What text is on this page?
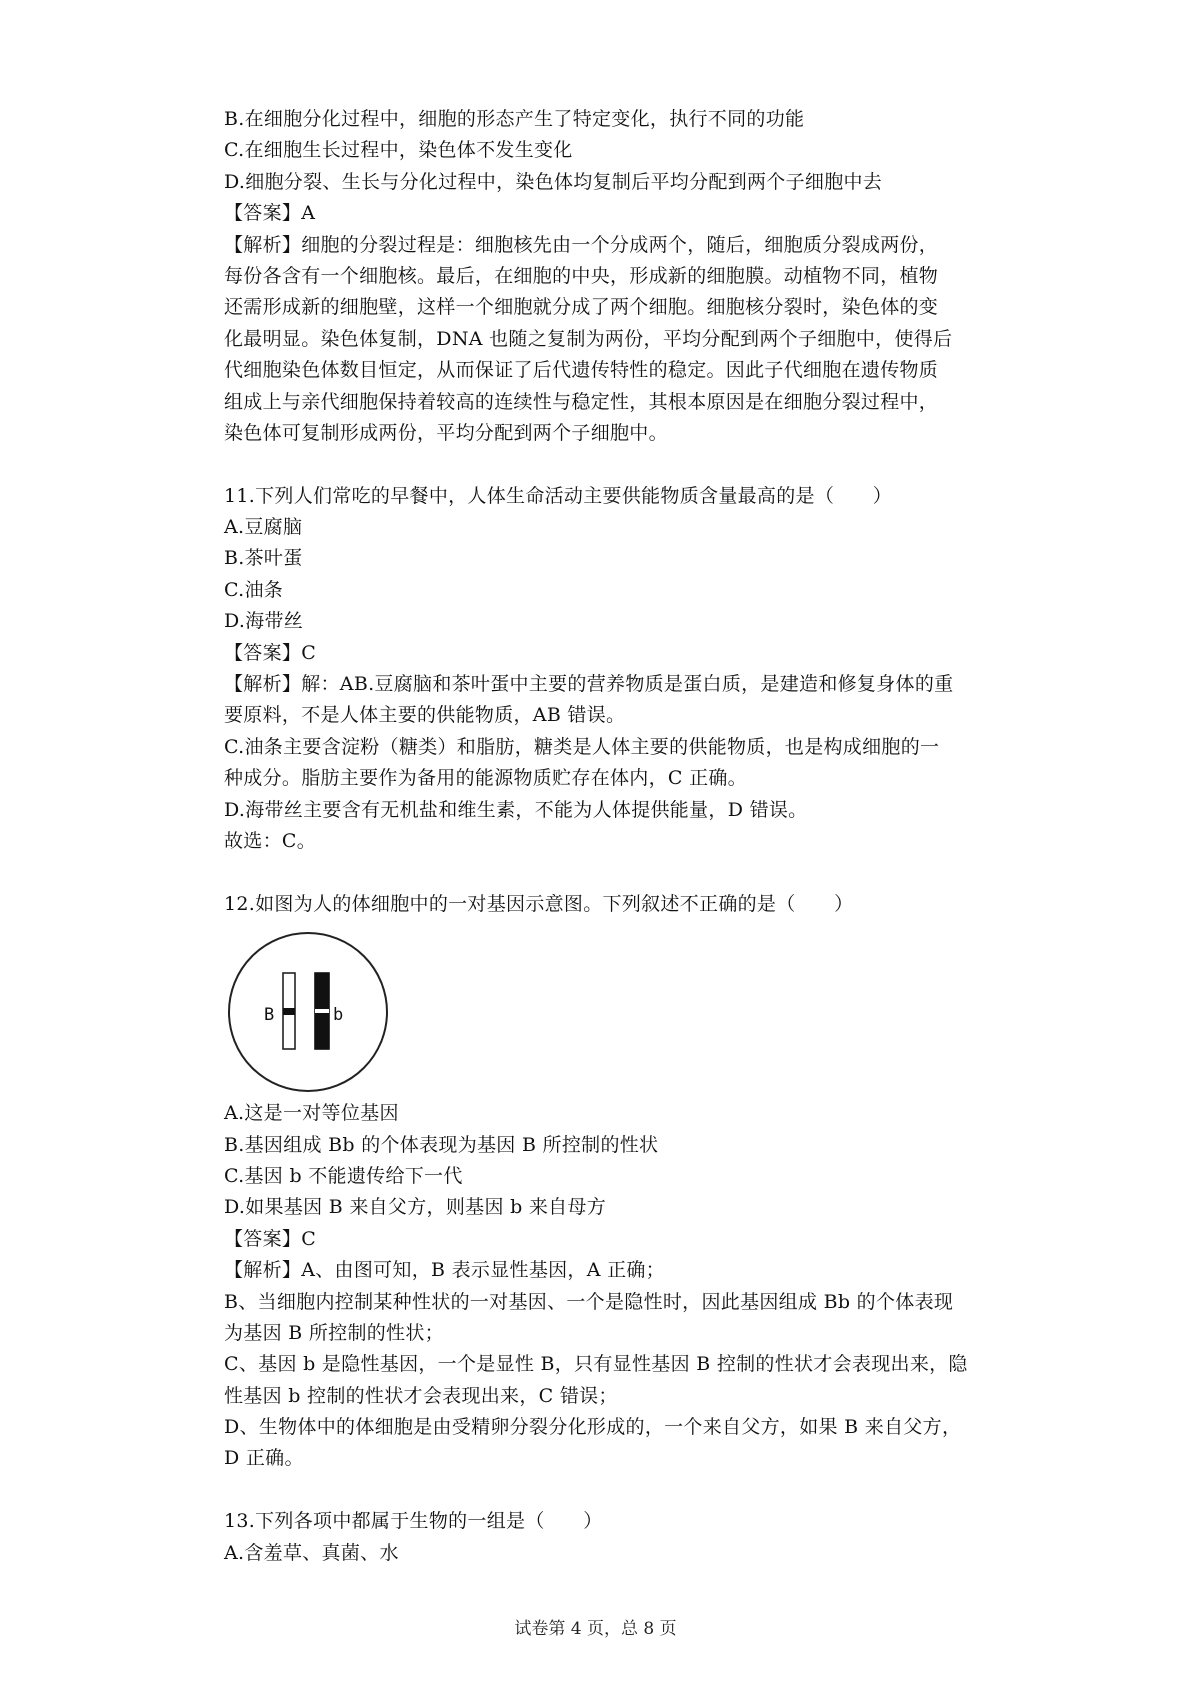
B.在细胞分化过程中，细胞的形态产生了特定变化，执行不同的功能
C.在细胞生长过程中，染色体不发生变化
D.细胞分裂、生长与分化过程中，染色体均复制后平均分配到两个子细胞中去
【答案】A
【解析】细胞的分裂过程是：细胞核先由一个分成两个，随后，细胞质分裂成两份，
每份各含有一个细胞核。最后，在细胞的中央，形成新的细胞膜。动植物不同，植物
还需形成新的细胞壁，这样一个细胞就分成了两个细胞。细胞核分裂时，染色体的变
化最明显。染色体复制，DNA 也随之复制为两份，平均分配到两个子细胞中，使得后
代细胞染色体数目恒定，从而保证了后代遗传特性的稳定。因此子代细胞在遗传物质
组成上与亲代细胞保持着较高的连续性与稳定性，其根本原因是在细胞分裂过程中，
染色体可复制形成两份，平均分配到两个子细胞中。
11.下列人们常吃的早餐中，人体生命活动主要供能物质含量最高的是（　　）
A.豆腐脑
B.茶叶蛋
C.油条
D.海带丝
【答案】C
【解析】解：AB.豆腐脑和茶叶蛋中主要的营养物质是蛋白质，是建造和修复身体的重
要原料，不是人体主要的供能物质，AB 错误。
C.油条主要含淀粉（糖类）和脂肪，糖类是人体主要的供能物质，也是构成细胞的一
种成分。脂肪主要作为备用的能源物质贮存在体内，C 正确。
D.海带丝主要含有无机盐和维生素，不能为人体提供能量，D 错误。
故选：C。
12.如图为人的体细胞中的一对基因示意图。下列叙述不正确的是（　　）
B	b
A.这是一对等位基因
B.基因组成 Bb 的个体表现为基因 B 所控制的性状
C.基因 b 不能遗传给下一代
D.如果基因 B 来自父方，则基因 b 来自母方
【答案】C
【解析】A、由图可知，B 表示显性基因，A 正确；
B、当细胞内控制某种性状的一对基因、一个是隐性时，因此基因组成 Bb 的个体表现
为基因 B 所控制的性状；
C、基因 b 是隐性基因，一个是显性 B，只有显性基因 B 控制的性状才会表现出来，隐
性基因 b 控制的性状才会表现出来，C 错误；
D、生物体中的体细胞是由受精卵分裂分化形成的，一个来自父方，如果 B 来自父方，
D 正确。
13.下列各项中都属于生物的一组是（　　）
A.含羞草、真菌、水
试卷第 4 页，总 8 页
